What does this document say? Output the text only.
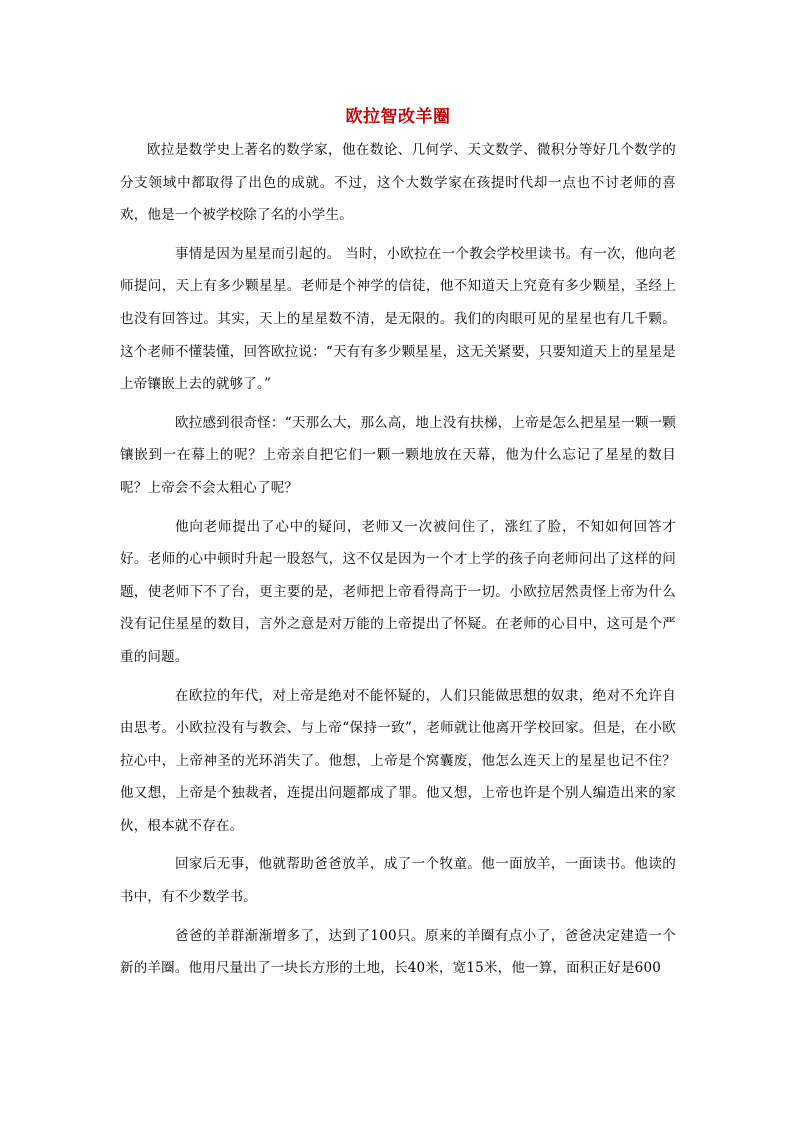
欧拉智改羊圈

欧拉是数学史上著名的数学家，他在数论、几何学、天文数学、微积分等好几个数学的分支领域中都取得了出色的成就。不过，这个大数学家在孩提时代却一点也不讨老师的喜欢，他是一个被学校除了名的小学生。

事情是因为星星而引起的。 当时，小欧拉在一个教会学校里读书。有一次，他向老师提问，天上有多少颗星星。老师是个神学的信徒，他不知道天上究竟有多少颗星，圣经上也没有回答过。其实，天上的星星数不清，是无限的。我们的肉眼可见的星星也有几千颗。这个老师不懂装懂，回答欧拉说：“天有有多少颗星星，这无关紧要，只要知道天上的星星是上帝镶嵌上去的就够了。”

欧拉感到很奇怪：“天那么大，那么高，地上没有扶梯，上帝是怎么把星星一颗一颗镶嵌到一在幕上的呢？上帝亲自把它们一颗一颗地放在天幕，他为什么忘记了星星的数目呢？上帝会不会太粗心了呢？

他向老师提出了心中的疑问，老师又一次被问住了，涨红了脸，不知如何回答才好。老师的心中顿时升起一股怒气，这不仅是因为一个才上学的孩子向老师问出了这样的问题，使老师下不了台，更主要的是，老师把上帝看得高于一切。小欧拉居然责怪上帝为什么没有记住星星的数目，言外之意是对万能的上帝提出了怀疑。在老师的心目中，这可是个严重的问题。

在欧拉的年代，对上帝是绝对不能怀疑的，人们只能做思想的奴隶，绝对不允许自由思考。小欧拉没有与教会、与上帝“保持一致”，老师就让他离开学校回家。但是，在小欧拉心中，上帝神圣的光环消失了。他想，上帝是个窝囊废，他怎么连天上的星星也记不住？他又想，上帝是个独裁者，连提出问题都成了罪。他又想，上帝也许是个别人编造出来的家伙，根本就不存在。

回家后无事，他就帮助爸爸放羊，成了一个牧童。他一面放羊，一面读书。他读的书中，有不少数学书。

爸爸的羊群渐渐增多了，达到了100只。原来的羊圈有点小了，爸爸决定建造一个新的羊圈。他用尺量出了一块长方形的土地，长40米，宽15米，他一算，面积正好是600
